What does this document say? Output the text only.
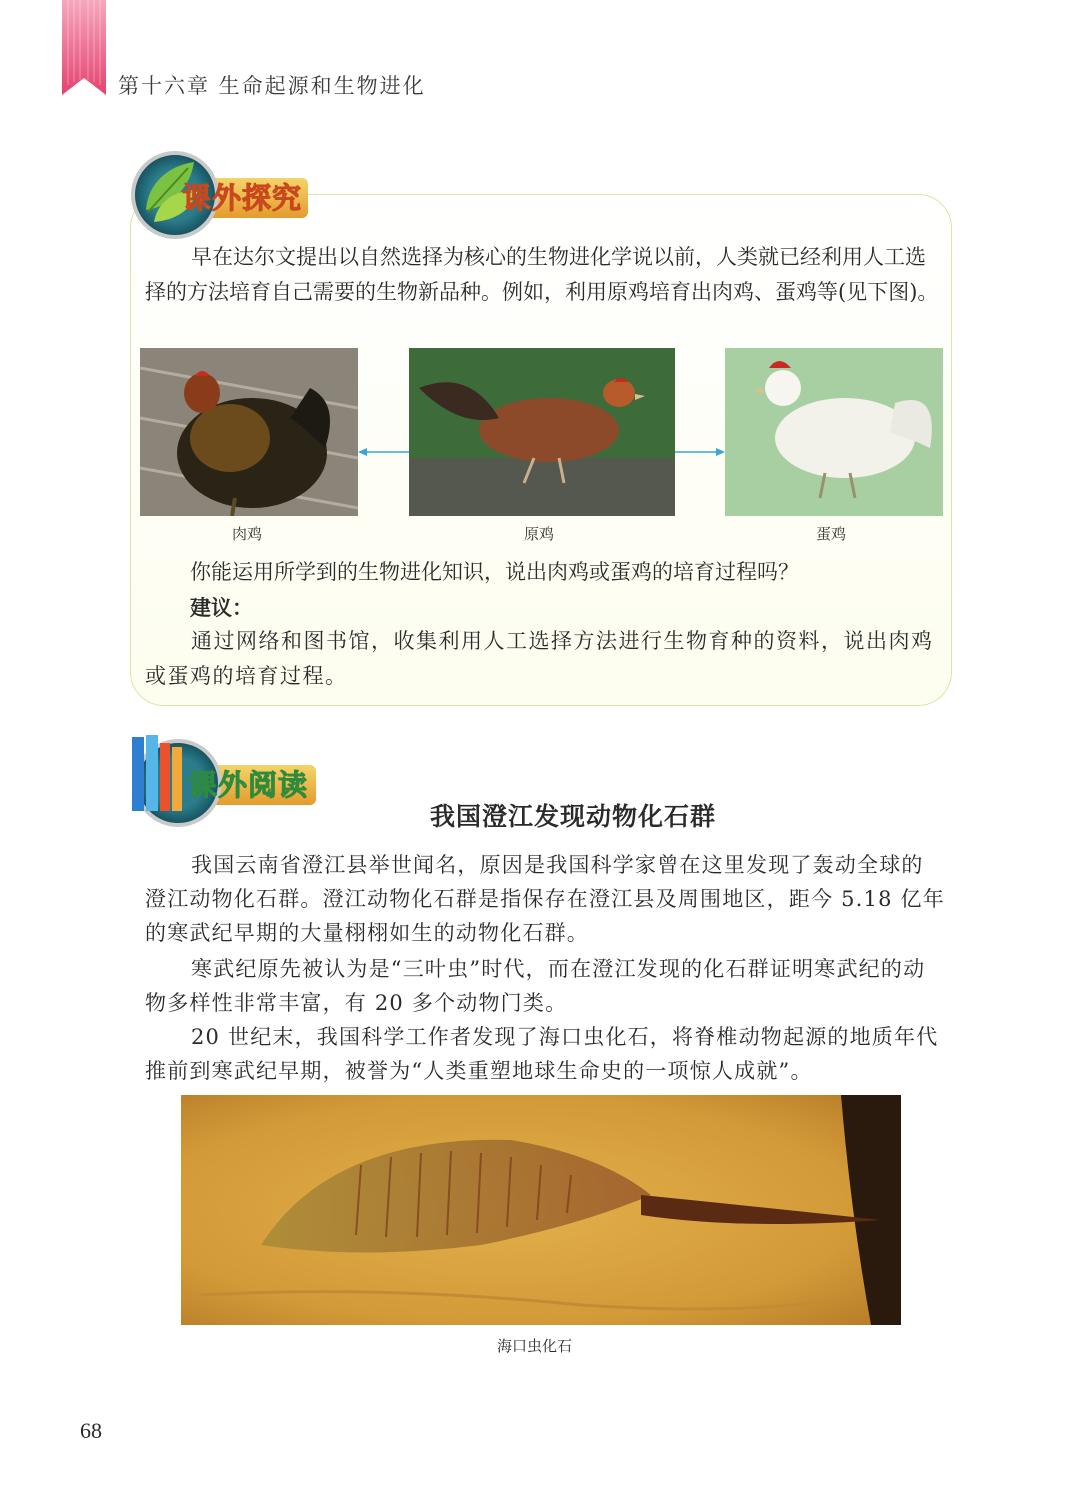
第十六章 生命起源和生物进化
课外探究

早在达尔文提出以自然选择为核心的生物进化学说以前，人类就已经利用人工选择的方法培育自己需要的生物新品种。例如，利用原鸡培育出肉鸡、蛋鸡等(见下图)。

肉鸡	原鸡	蛋鸡
你能运用所学到的生物进化知识，说出肉鸡或蛋鸡的培育过程吗？
建议：

通过网络和图书馆，收集利用人工选择方法进行生物育种的资料，说出肉鸡或蛋鸡的培育过程。

课外阅读
我国澄江发现动物化石群

我国云南省澄江县举世闻名，原因是我国科学家曾在这里发现了轰动全球的澄江动物化石群。澄江动物化石群是指保存在澄江县及周围地区，距今 5.18 亿年的寒武纪早期的大量栩栩如生的动物化石群。

寒武纪原先被认为是“三叶虫”时代，而在澄江发现的化石群证明寒武纪的动物多样性非常丰富，有 20 多个动物门类。

20 世纪末，我国科学工作者发现了海口虫化石，将脊椎动物起源的地质年代推前到寒武纪早期，被誉为“人类重塑地球生命史的一项惊人成就”。

海口虫化石
68
